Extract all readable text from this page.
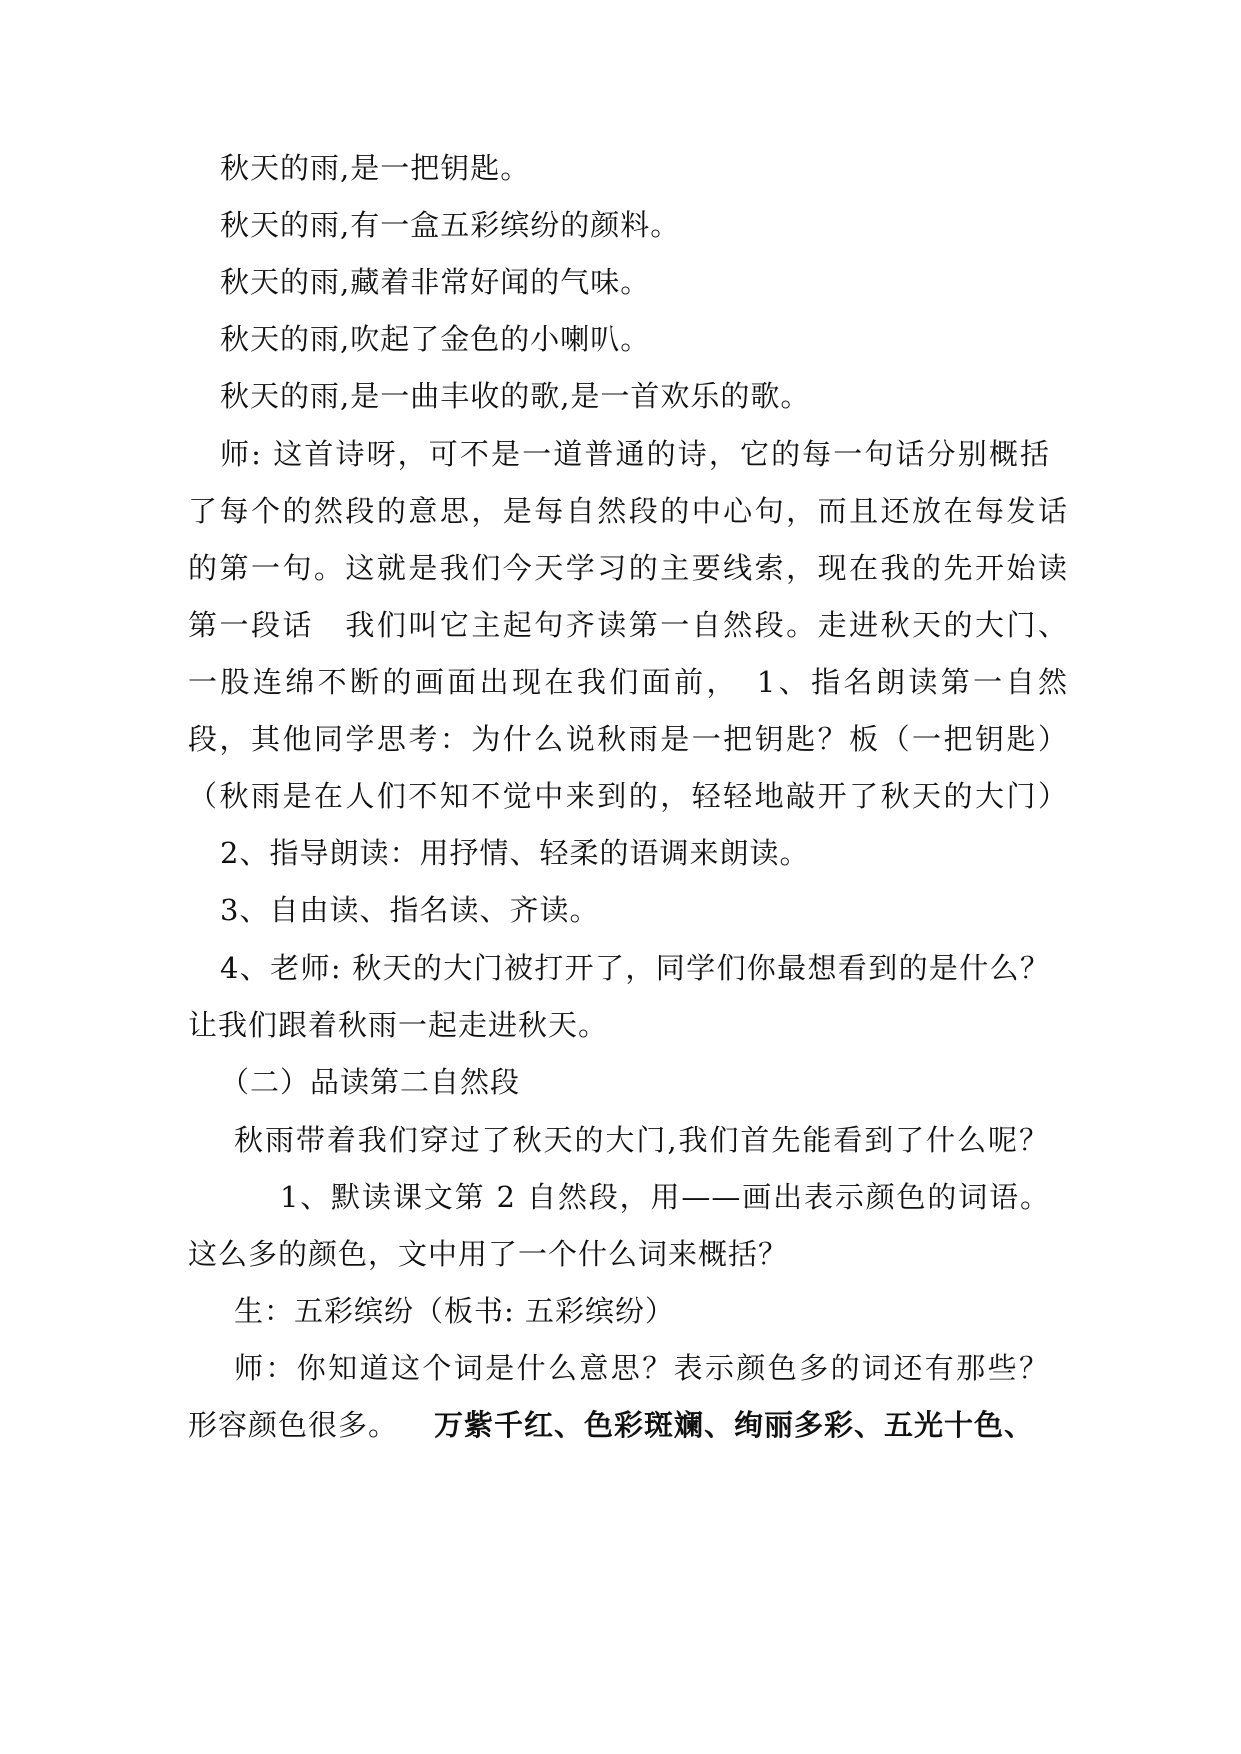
秋天的雨,是一把钥匙。
秋天的雨,有一盒五彩缤纷的颜料。
秋天的雨,藏着非常好闻的气味。
秋天的雨,吹起了金色的小喇叭。
秋天的雨,是一曲丰收的歌,是一首欢乐的歌。
师: 这首诗呀，可不是一道普通的诗，它的每一句话分别概括
了每个的然段的意思，是每自然段的中心句，而且还放在每发话
的第一句。这就是我们今天学习的主要线索，现在我的先开始读
第一段话　我们叫它主起句齐读第一自然段。走进秋天的大门、
一股连绵不断的画面出现在我们面前，　1、指名朗读第一自然
段，其他同学思考：为什么说秋雨是一把钥匙？板（一把钥匙）
（秋雨是在人们不知不觉中来到的，轻轻地敲开了秋天的大门）
2、指导朗读：用抒情、轻柔的语调来朗读。
3、自由读、指名读、齐读。
4、老师: 秋天的大门被打开了，同学们你最想看到的是什么？
让我们跟着秋雨一起走进秋天。
（二）品读第二自然段
秋雨带着我们穿过了秋天的大门,我们首先能看到了什么呢？
1、默读课文第 2 自然段，用——画出表示颜色的词语。
这么多的颜色，文中用了一个什么词来概括？
生：五彩缤纷（板书: 五彩缤纷）
师：你知道这个词是什么意思？表示颜色多的词还有那些？
形容颜色很多。 万紫千红、色彩斑斓、绚丽多彩、五光十色、
